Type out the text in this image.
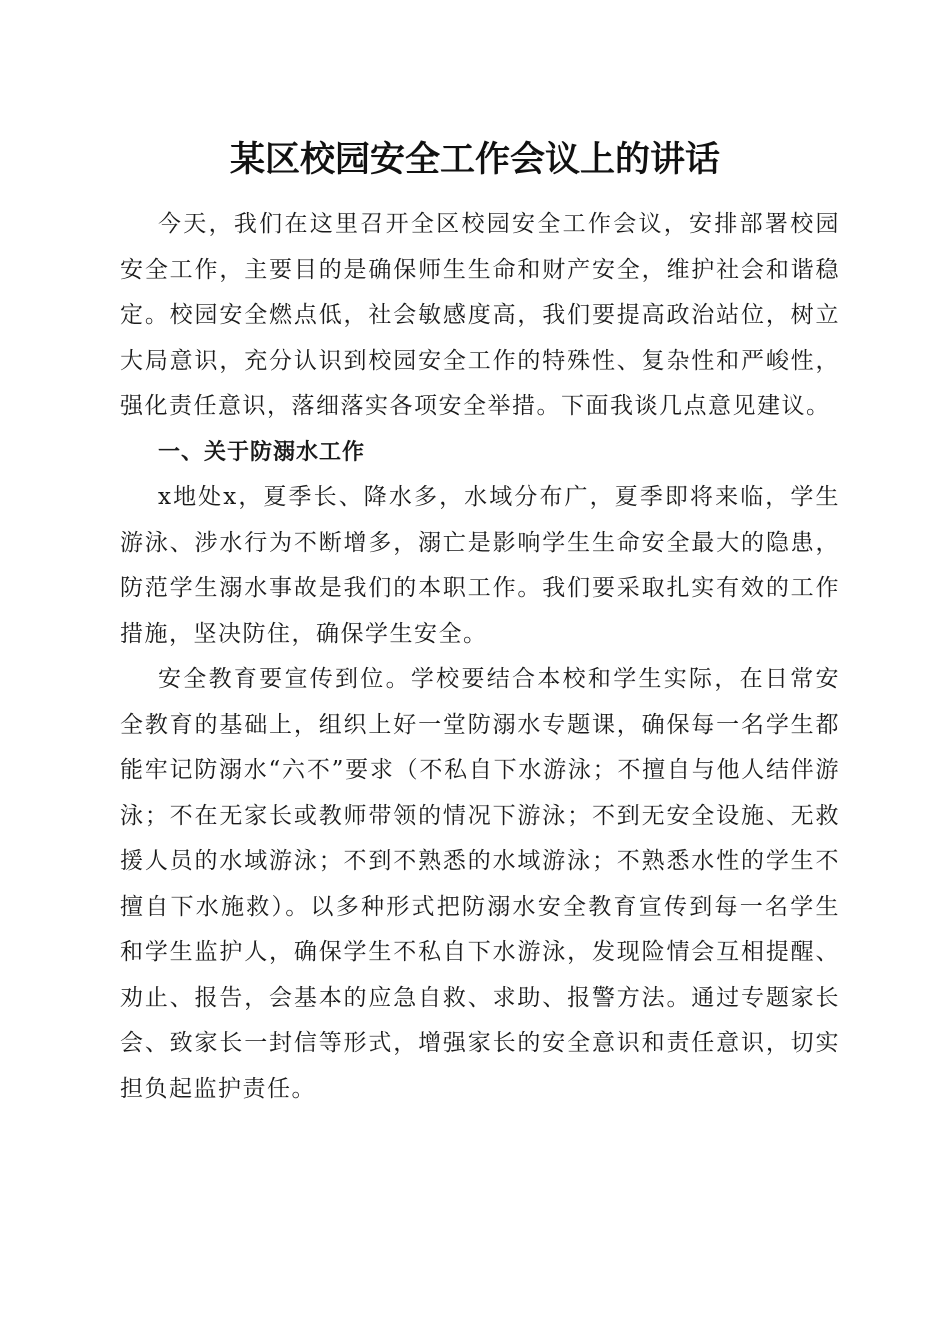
某区校园安全工作会议上的讲话

今天，我们在这里召开全区校园安全工作会议，安排部署校园安全工作，主要目的是确保师生生命和财产安全，维护社会和谐稳定。校园安全燃点低，社会敏感度高，我们要提高政治站位，树立大局意识，充分认识到校园安全工作的特殊性、复杂性和严峻性，强化责任意识，落细落实各项安全举措。下面我谈几点意见建议。

一、关于防溺水工作

x地处x，夏季长、降水多，水域分布广，夏季即将来临，学生游泳、涉水行为不断增多，溺亡是影响学生生命安全最大的隐患，防范学生溺水事故是我们的本职工作。我们要采取扎实有效的工作措施，坚决防住，确保学生安全。

安全教育要宣传到位。学校要结合本校和学生实际，在日常安全教育的基础上，组织上好一堂防溺水专题课，确保每一名学生都能牢记防溺水“六不”要求（不私自下水游泳；不擅自与他人结伴游泳；不在无家长或教师带领的情况下游泳；不到无安全设施、无救援人员的水域游泳；不到不熟悉的水域游泳；不熟悉水性的学生不擅自下水施救）。以多种形式把防溺水安全教育宣传到每一名学生和学生监护人，确保学生不私自下水游泳，发现险情会互相提醒、劝止、报告，会基本的应急自救、求助、报警方法。通过专题家长会、致家长一封信等形式，增强家长的安全意识和责任意识，切实担负起监护责任。
